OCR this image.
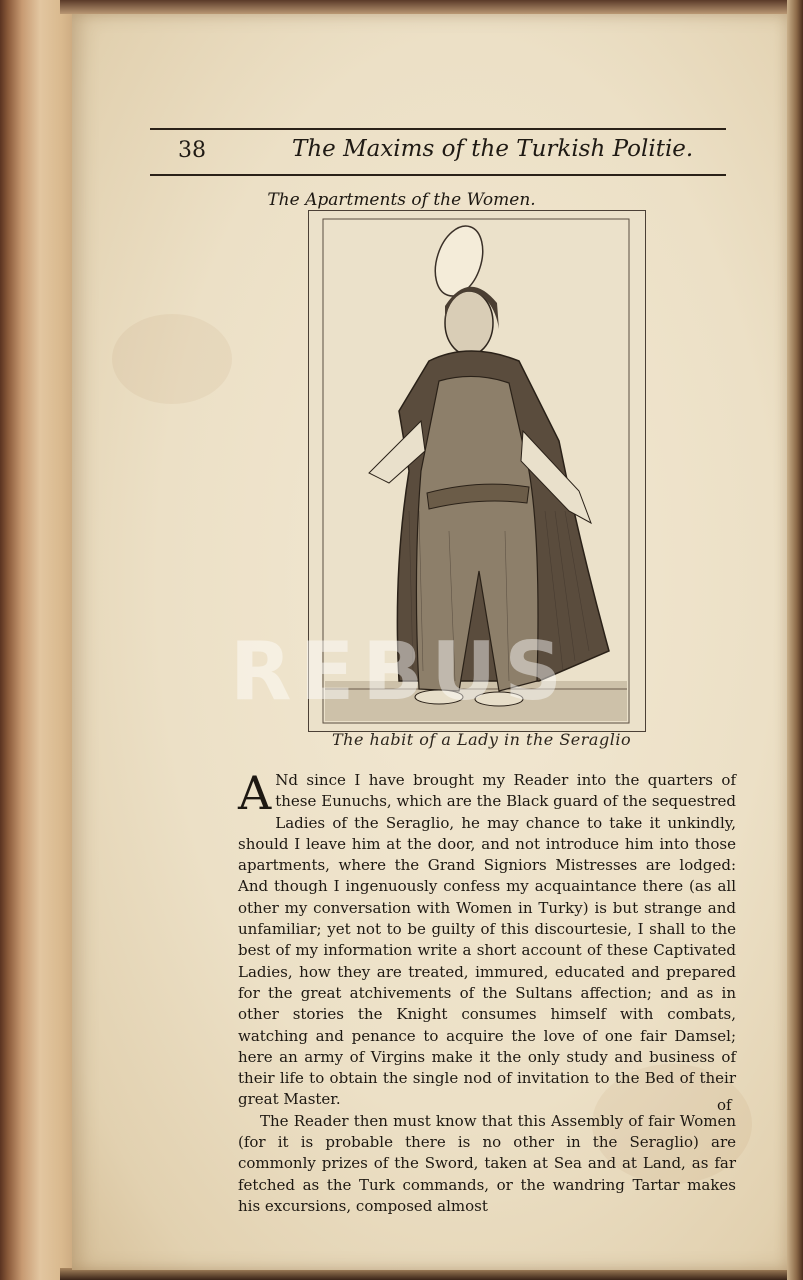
38	The Maxims of the Turkish Politie.
The Apartments of the Women.
The habit of a Lady in the Seraglio
REBUS

A Nd since I have brought my Reader into the quarters of these Eunuchs, which are the Black guard of the sequestred Ladies of the Seraglio, he may chance to take it unkindly, should I leave him at the door, and not introduce him into those apartments, where the Grand Signiors Mistresses are lodged: And though I ingenuously confess my acquaintance there (as all other my conversation with Women in Turky) is but strange and unfamiliar; yet not to be guilty of this discourtesie, I shall to the best of my information write a short account of these Captivated Ladies, how they are treated, immured, educated and prepared for the great atchivements of the Sultans affection; and as in other stories the Knight consumes himself with combats, watching and penance to acquire the love of one fair Damsel; here an army of Virgins make it the only study and business of their life to obtain the single nod of invitation to the Bed of their great Master.

The Reader then must know that this Assembly of fair Women (for it is probable there is no other in the Seraglio) are commonly prizes of the Sword, taken at Sea and at Land, as far fetched as the Turk commands, or the wandring Tartar makes his excursions, composed almost

of
